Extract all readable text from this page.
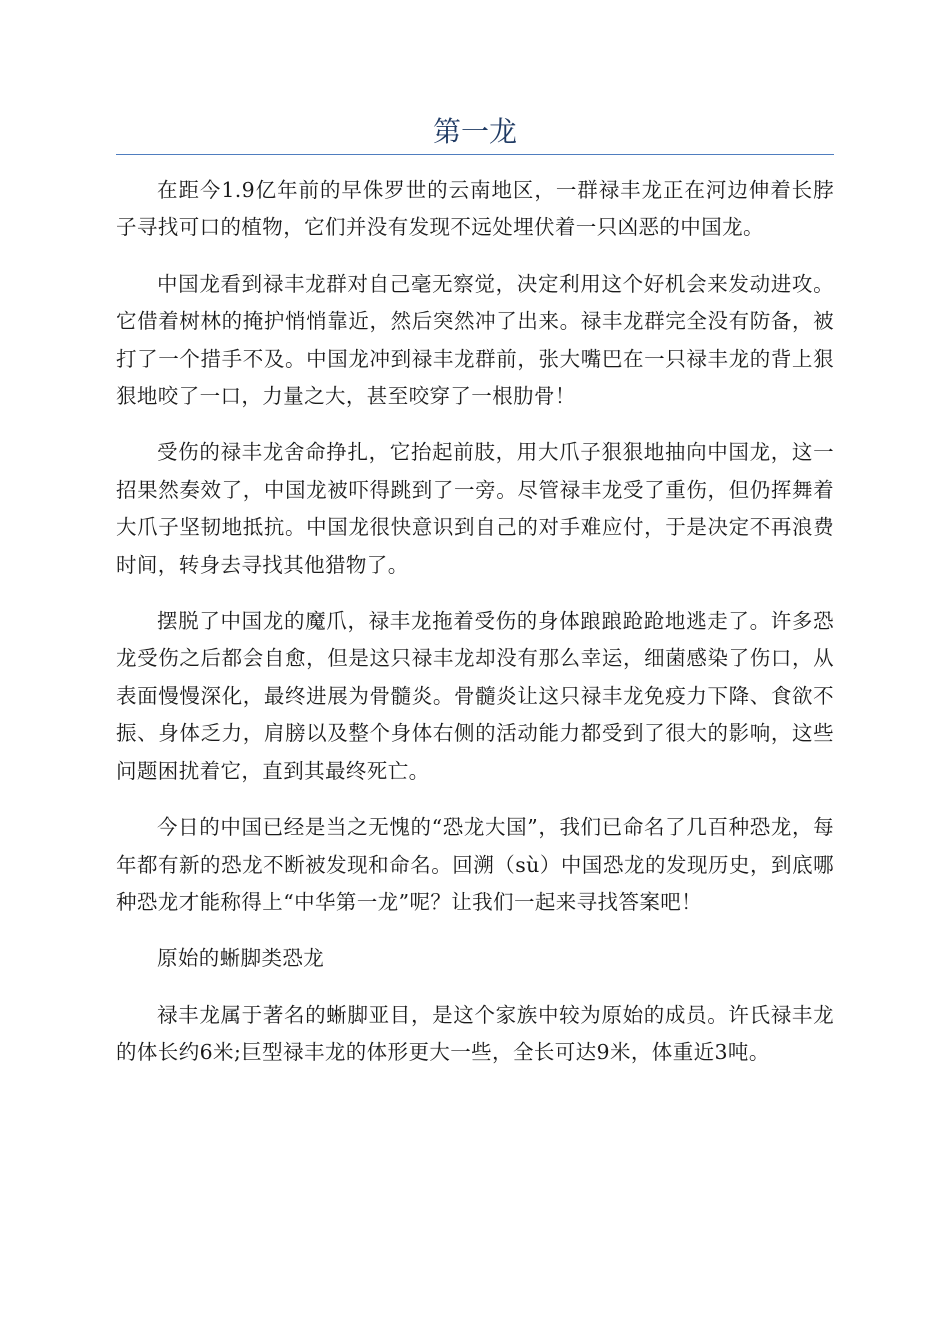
第一龙

在距今1.9亿年前的早侏罗世的云南地区，一群禄丰龙正在河边伸着长脖子寻找可口的植物，它们并没有发现不远处埋伏着一只凶恶的中国龙。

中国龙看到禄丰龙群对自己毫无察觉，决定利用这个好机会来发动进攻。它借着树林的掩护悄悄靠近，然后突然冲了出来。禄丰龙群完全没有防备，被打了一个措手不及。中国龙冲到禄丰龙群前，张大嘴巴在一只禄丰龙的背上狠狠地咬了一口，力量之大，甚至咬穿了一根肋骨！

受伤的禄丰龙舍命挣扎，它抬起前肢，用大爪子狠狠地抽向中国龙，这一招果然奏效了，中国龙被吓得跳到了一旁。尽管禄丰龙受了重伤，但仍挥舞着大爪子坚韧地抵抗。中国龙很快意识到自己的对手难应付，于是决定不再浪费时间，转身去寻找其他猎物了。

摆脱了中国龙的魔爪，禄丰龙拖着受伤的身体踉踉跄跄地逃走了。许多恐龙受伤之后都会自愈，但是这只禄丰龙却没有那么幸运，细菌感染了伤口，从表面慢慢深化，最终进展为骨髓炎。骨髓炎让这只禄丰龙免疫力下降、食欲不振、身体乏力，肩膀以及整个身体右侧的活动能力都受到了很大的影响，这些问题困扰着它，直到其最终死亡。

今日的中国已经是当之无愧的“恐龙大国”，我们已命名了几百种恐龙，每年都有新的恐龙不断被发现和命名。回溯（sù）中国恐龙的发现历史，到底哪种恐龙才能称得上“中华第一龙”呢？让我们一起来寻找答案吧！

原始的蜥脚类恐龙

禄丰龙属于著名的蜥脚亚目，是这个家族中较为原始的成员。许氏禄丰龙的体长约6米;巨型禄丰龙的体形更大一些，全长可达9米，体重近3吨。
